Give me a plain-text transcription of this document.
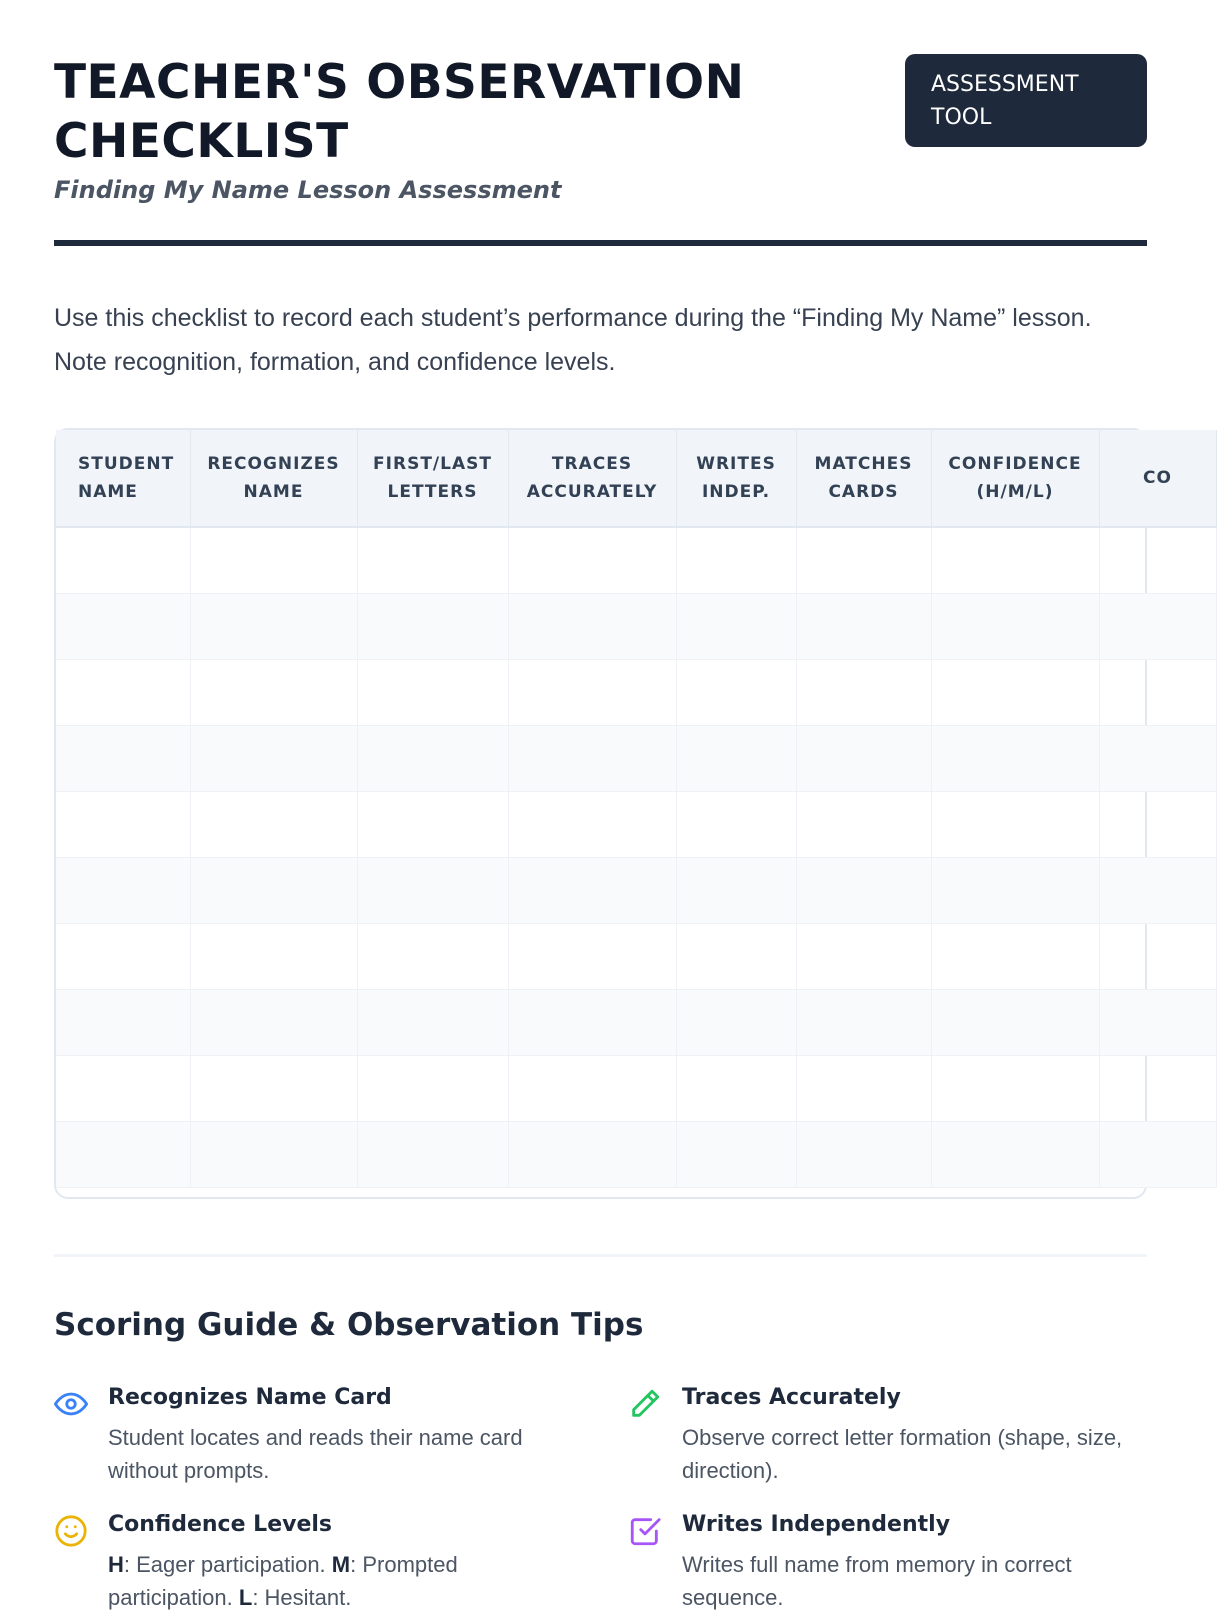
TEACHER'S OBSERVATION CHECKLIST
Finding My Name Lesson Assessment
ASSESSMENT TOOL

Use this checklist to record each student’s performance during the “Finding My Name” lesson. Note recognition, formation, and confidence levels.

STUDENT NAME	RECOGNIZES NAME	FIRST/LAST LETTERS	TRACES ACCURATELY	WRITES INDEP.	MATCHES CARDS	CONFIDENCE (H/M/L)	CO

Scoring Guide & Observation Tips
Recognizes Name Card
Student locates and reads their name card without prompts.
Traces Accurately
Observe correct letter formation (shape, size, direction).
Confidence Levels
H: Eager participation. M: Prompted participation. L: Hesitant.
Writes Independently
Writes full name from memory in correct sequence.
